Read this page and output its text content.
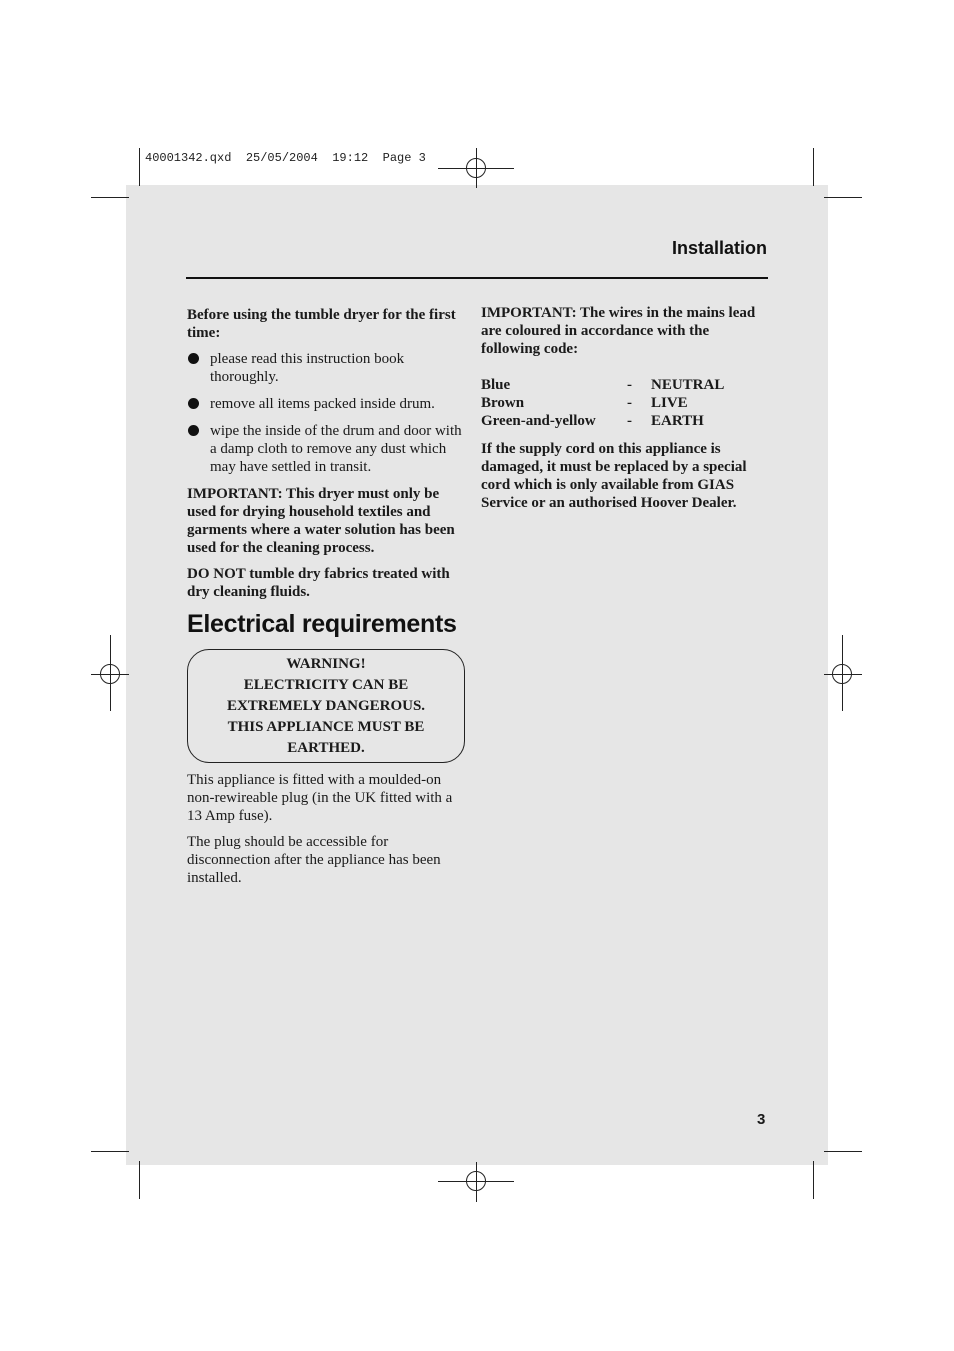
40001342.qxd  25/05/2004  19:12  Page 3
Installation

Before using the tumble dryer for the first time:

please read this instruction book thoroughly.
remove all items packed inside drum.
wipe the inside of the drum and door with a damp cloth to remove any dust which may have settled in transit.

IMPORTANT: This dryer must only be used for drying household textiles and garments where a water solution has been used for the cleaning process.

DO NOT tumble dry fabrics treated with dry cleaning fluids.

Electrical requirements
WARNING!
ELECTRICITY CAN BE
EXTREMELY DANGEROUS.
THIS APPLIANCE MUST BE
EARTHED.

This appliance is fitted with a moulded-on non-rewireable plug (in the UK fitted with a 13 Amp fuse).

The plug should be accessible for disconnection after the appliance has been installed.

IMPORTANT: The wires in the mains lead are coloured in accordance with the following code:

Blue	-	NEUTRAL
Brown	-	LIVE
Green-and-yellow	-	EARTH

If the supply cord on this appliance is damaged, it must be replaced by a special cord which is only available from GIAS Service or an authorised Hoover Dealer.

3
